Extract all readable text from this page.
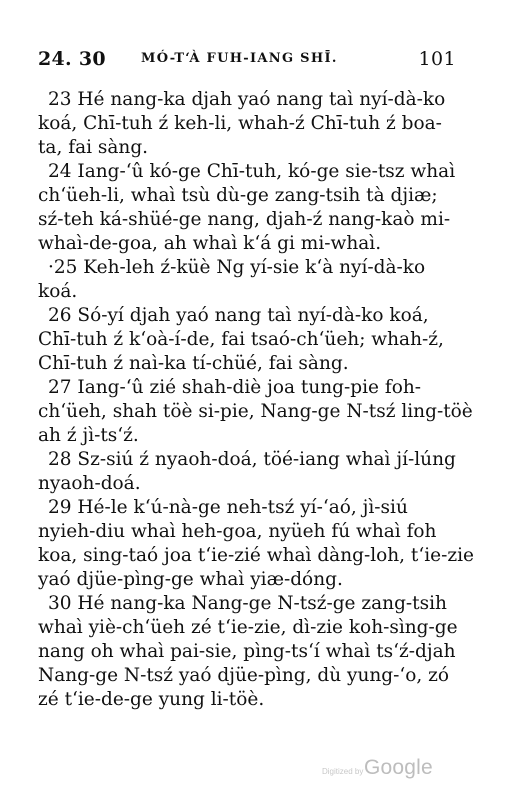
24. 30	MÓ-TʻÀ FUH-IANG SHĪ.	101

23 Hé nang-ka djah yaó nang taì nyí-dà-ko
koá, Chī-tuh ź keh-li, whah-ź Chī-tuh ź boa-
ta, fai sàng.

24 Iang-ʻû kó-ge Chī-tuh, kó-ge sie-tsz whaì
chʻüeh-li, whaì tsù dù-ge zang-tsih tà djiæ;
sź-teh ká-shüé-ge nang, djah-ź nang-kaò mi-
whaì-de-goa, ah whaì kʻá gi mi-whaì.

·25 Keh-leh ź-küè Ng yí-sie kʻà nyí-dà-ko
koá.

26 Só-yí djah yaó nang taì nyí-dà-ko koá,
Chī-tuh ź kʻoà-í-de, fai tsaó-chʻüeh; whah-ź,
Chī-tuh ź naì-ka tí-chüé, fai sàng.

27 Iang-ʻû zié shah-diè joa tung-pie foh-
chʻüeh, shah töè si-pie, Nang-ge N-tsź ling-töè
ah ź jì-tsʻź.

28 Sz-siú ź nyaoh-doá, töé-iang whaì jí-lúng
nyaoh-doá.

29 Hé-le kʻú-nà-ge neh-tsź yí-ʻaó, jì-siú
nyieh-diu whaì heh-goa, nyüeh fú whaì foh
koa, sing-taó joa tʻie-zié whaì dàng-loh, tʻie-zie
yaó djüe-pìng-ge whaì yiæ-dóng.

30 Hé nang-ka Nang-ge N-tsź-ge zang-tsih
whaì yiè-chʻüeh zé tʻie-zie, dì-zie koh-sìng-ge
nang oh whaì pai-sie, pìng-tsʻí whaì tsʻź-djah
Nang-ge N-tsź yaó djüe-pìng, dù yung-ʻo, zó
zé tʻie-de-ge yung li-töè.

Digitized by Google
